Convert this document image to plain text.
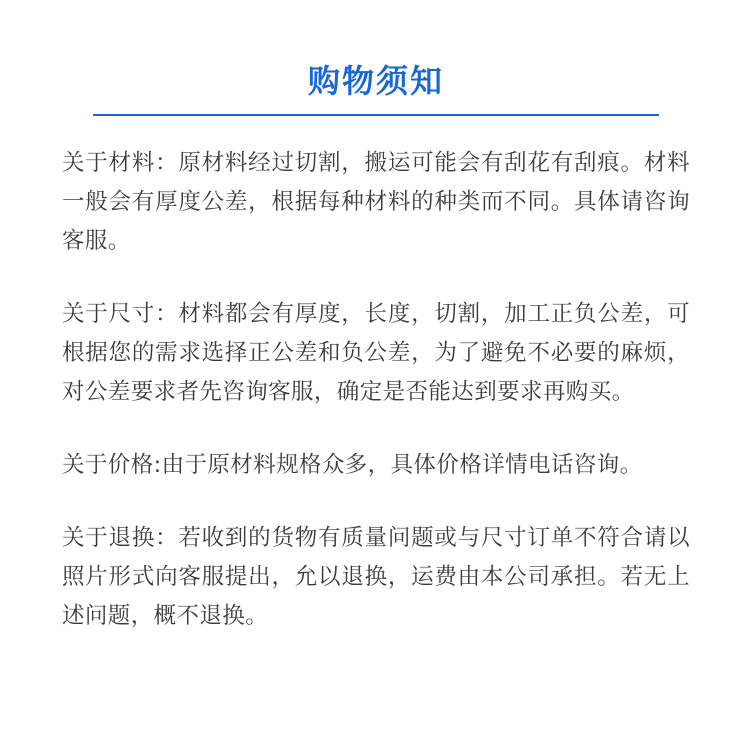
购物须知

关于材料：原材料经过切割，搬运可能会有刮花有刮痕。材料一般会有厚度公差，根据每种材料的种类而不同。具体请咨询客服。

关于尺寸：材料都会有厚度，长度，切割，加工正负公差，可根据您的需求选择正公差和负公差，为了避免不必要的麻烦，对公差要求者先咨询客服，确定是否能达到要求再购买。

关于价格:由于原材料规格众多，具体价格详情电话咨询。

关于退换：若收到的货物有质量问题或与尺寸订单不符合请以照片形式向客服提出，允以退换，运费由本公司承担。若无上述问题，概不退换。
